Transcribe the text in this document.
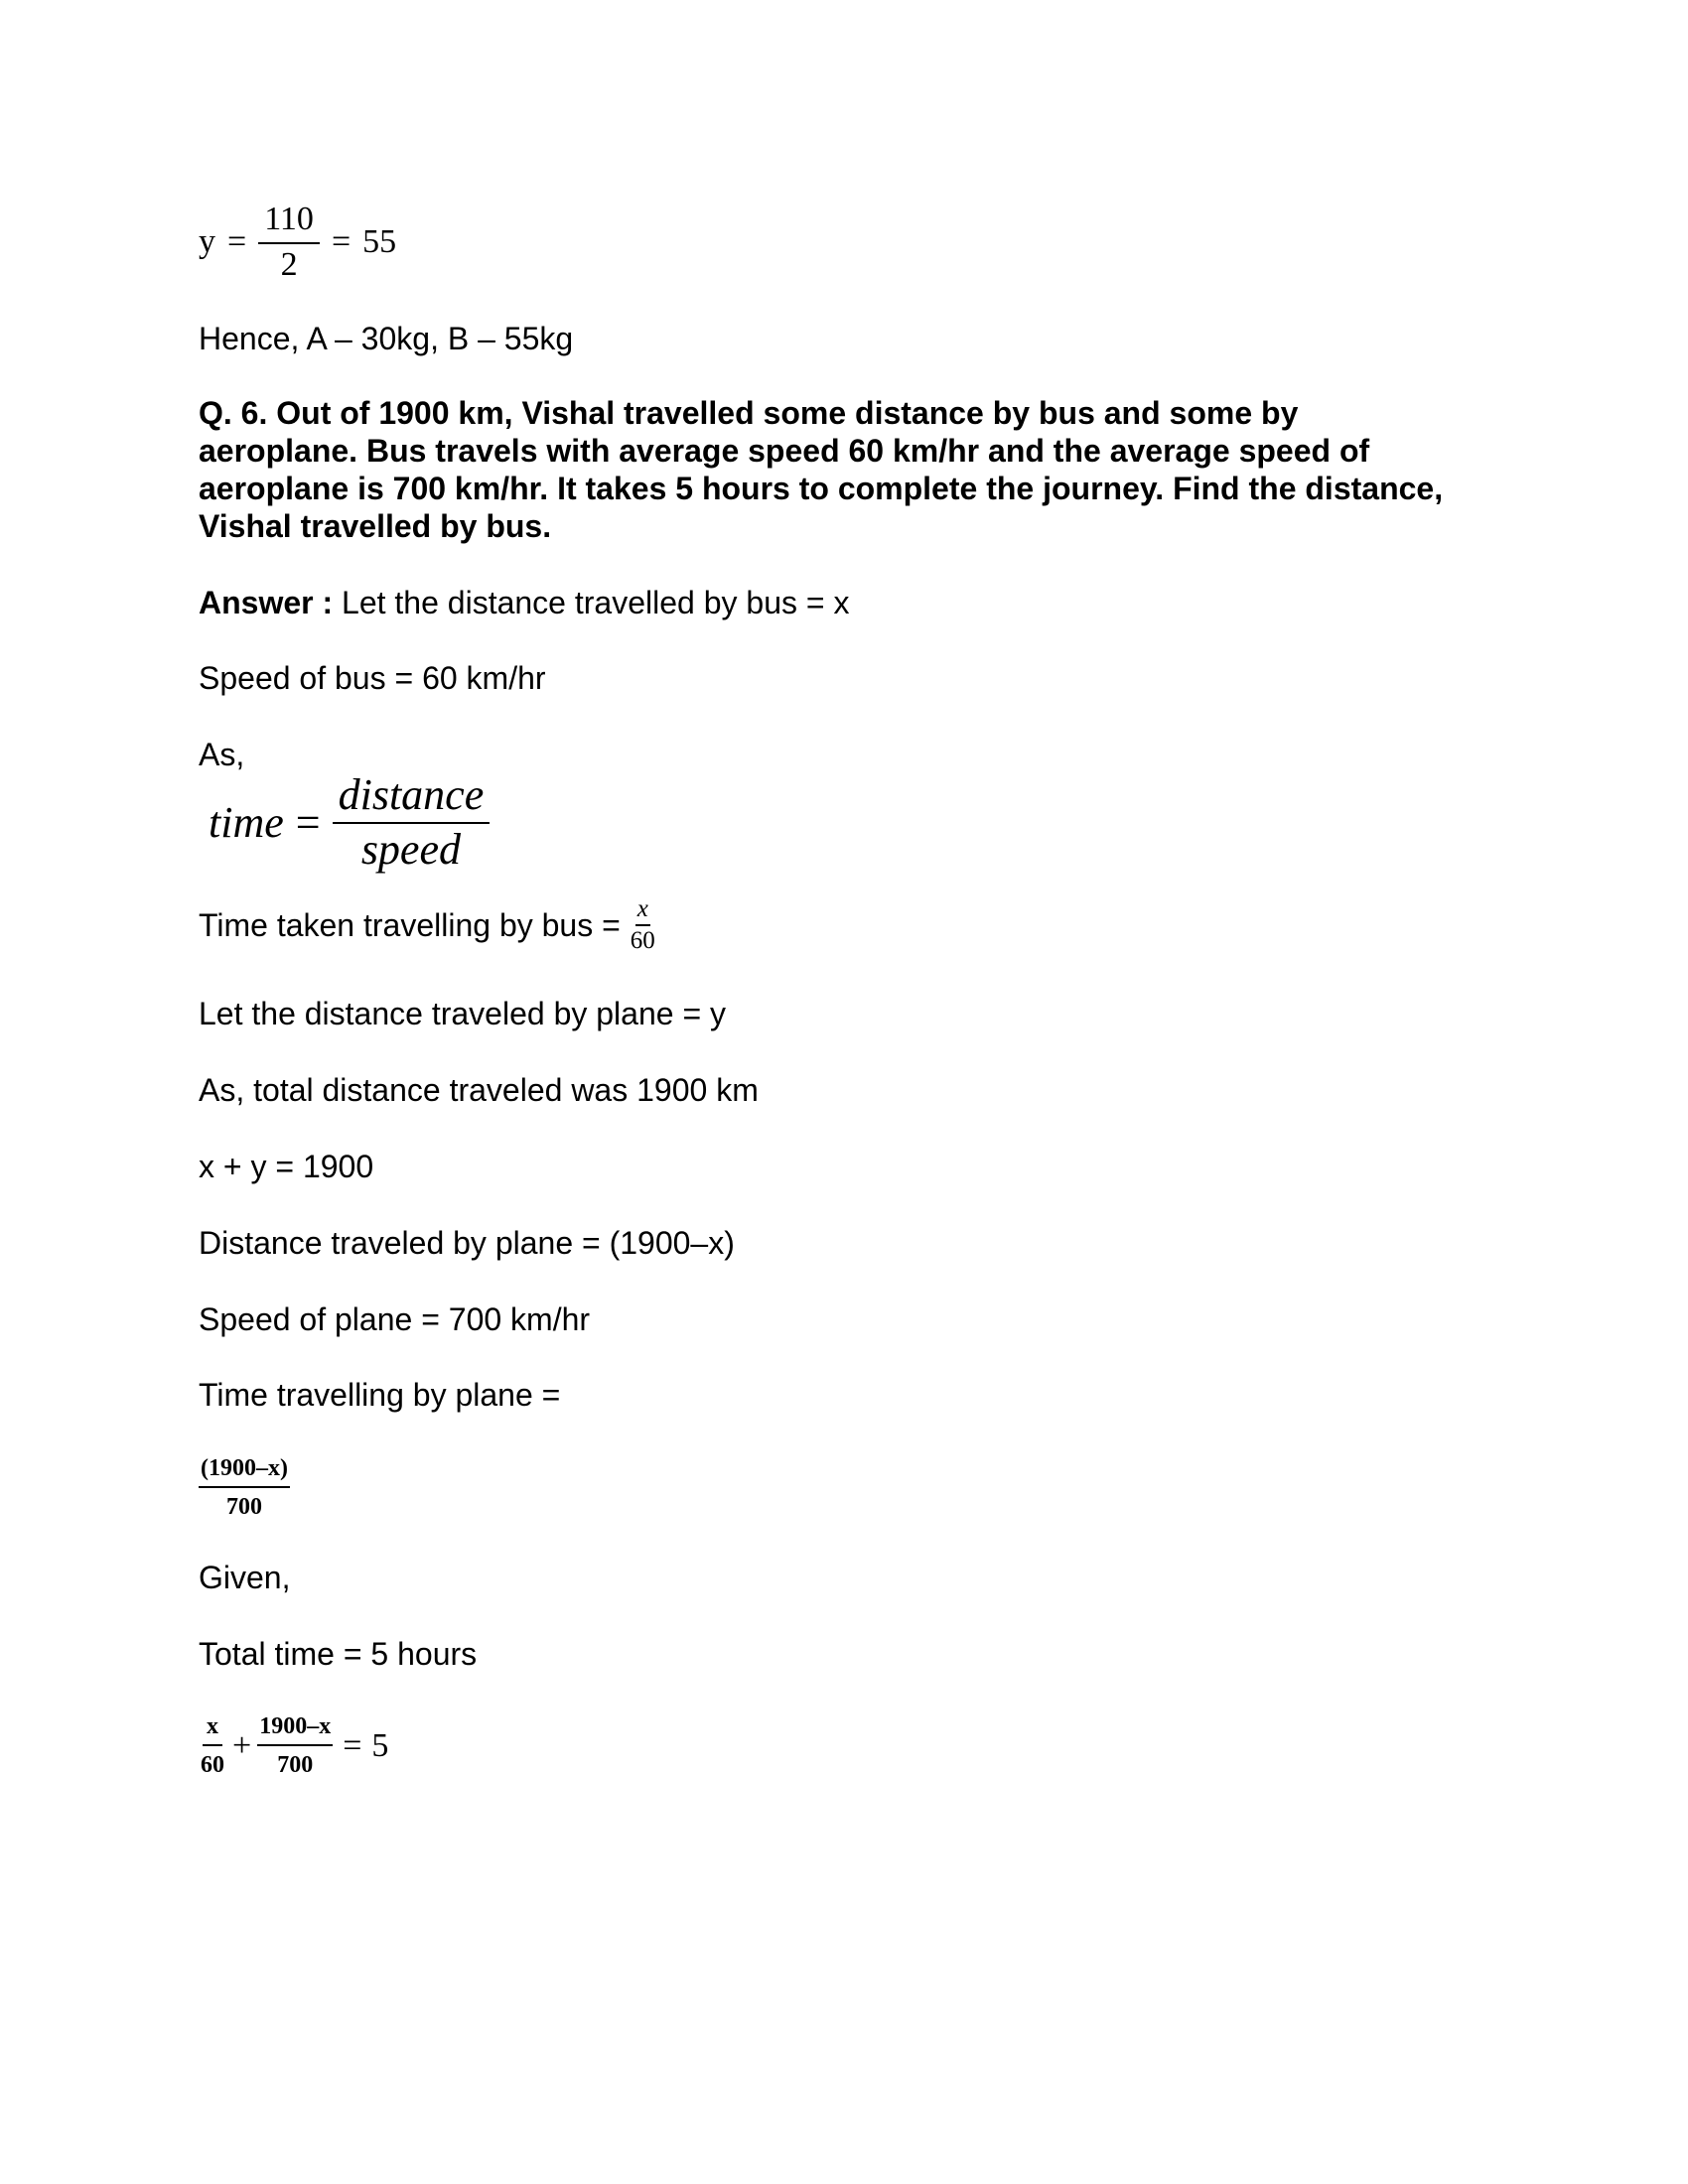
$y = \frac{110}{2} = 55$
Hence, A – 30kg, B – 55kg
Q. 6. Out of 1900 km, Vishal travelled some distance by bus and some by aeroplane. Bus travels with average speed 60 km/hr and the average speed of aeroplane is 700 km/hr. It takes 5 hours to complete the journey. Find the distance, Vishal travelled by bus.
Answer : Let the distance travelled by bus = x
Speed of bus = 60 km/hr
As,
time = $\frac{\text{distance}}{\text{speed}}$
Time taken travelling by bus = $\frac{x}{60}$
Let the distance traveled by plane = y
As, total distance traveled was 1900 km
x + y = 1900
Distance traveled by plane = (1900–x)
Speed of plane = 700 km/hr
Time travelling by plane =
$\frac{(1900-x)}{700}$
Given,
Total time = 5 hours
$\frac{x}{60} + \frac{1900-x}{700} = 5$
